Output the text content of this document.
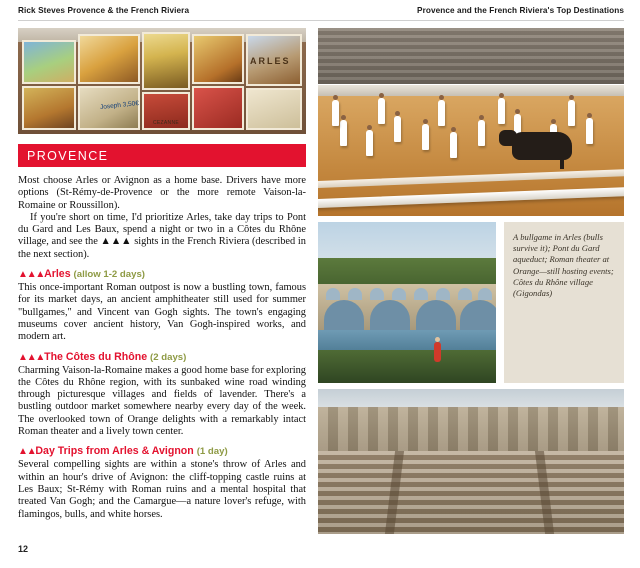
Rick Steves Provence & the French Riviera	Provence and the French Riviera's Top Destinations
CEZANNE
ARLES
Joseph 3,50€
PROVENCE

Most choose Arles or Avignon as a home base. Drivers have more options (St-Rémy-de-Provence or the more remote Vaison-la-Romaine or Roussillon).

If you're short on time, I'd prioritize Arles, take day trips to Pont du Gard and Les Baux, spend a night or two in a Côtes du Rhône village, and see the ▲▲▲ sights in the French Riviera (described in the next section).

▲▲▲Arles (allow 1-2 days)
This once-important Roman outpost is now a bustling town, famous for its market days, an ancient amphitheater still used for summer "bullgames," and Vincent van Gogh sights. The town's engaging museums cover ancient history, Van Gogh-inspired works, and modern art.
▲▲▲The Côtes du Rhône (2 days)
Charming Vaison-la-Romaine makes a good home base for exploring the Côtes du Rhône region, with its sunbaked wine road winding through picturesque villages and fields of lavender. There's a bustling outdoor market somewhere nearby every day of the week. The overlooked town of Orange delights with a remarkably intact Roman theater and a lively town center.
▲▲Day Trips from Arles & Avignon (1 day)
Several compelling sights are within a stone's throw of Arles and within an hour's drive of Avignon: the cliff-topping castle ruins at Les Baux; St-Rémy with Roman ruins and a mental hospital that treated Van Gogh; and the Camargue—a nature lover's refuge, with flamingos, bulls, and white horses.
12
A bullgame in Arles (bulls survive it); Pont du Gard aqueduct; Roman theater at Orange—still hosting events; Côtes du Rhône village (Gigondas)
